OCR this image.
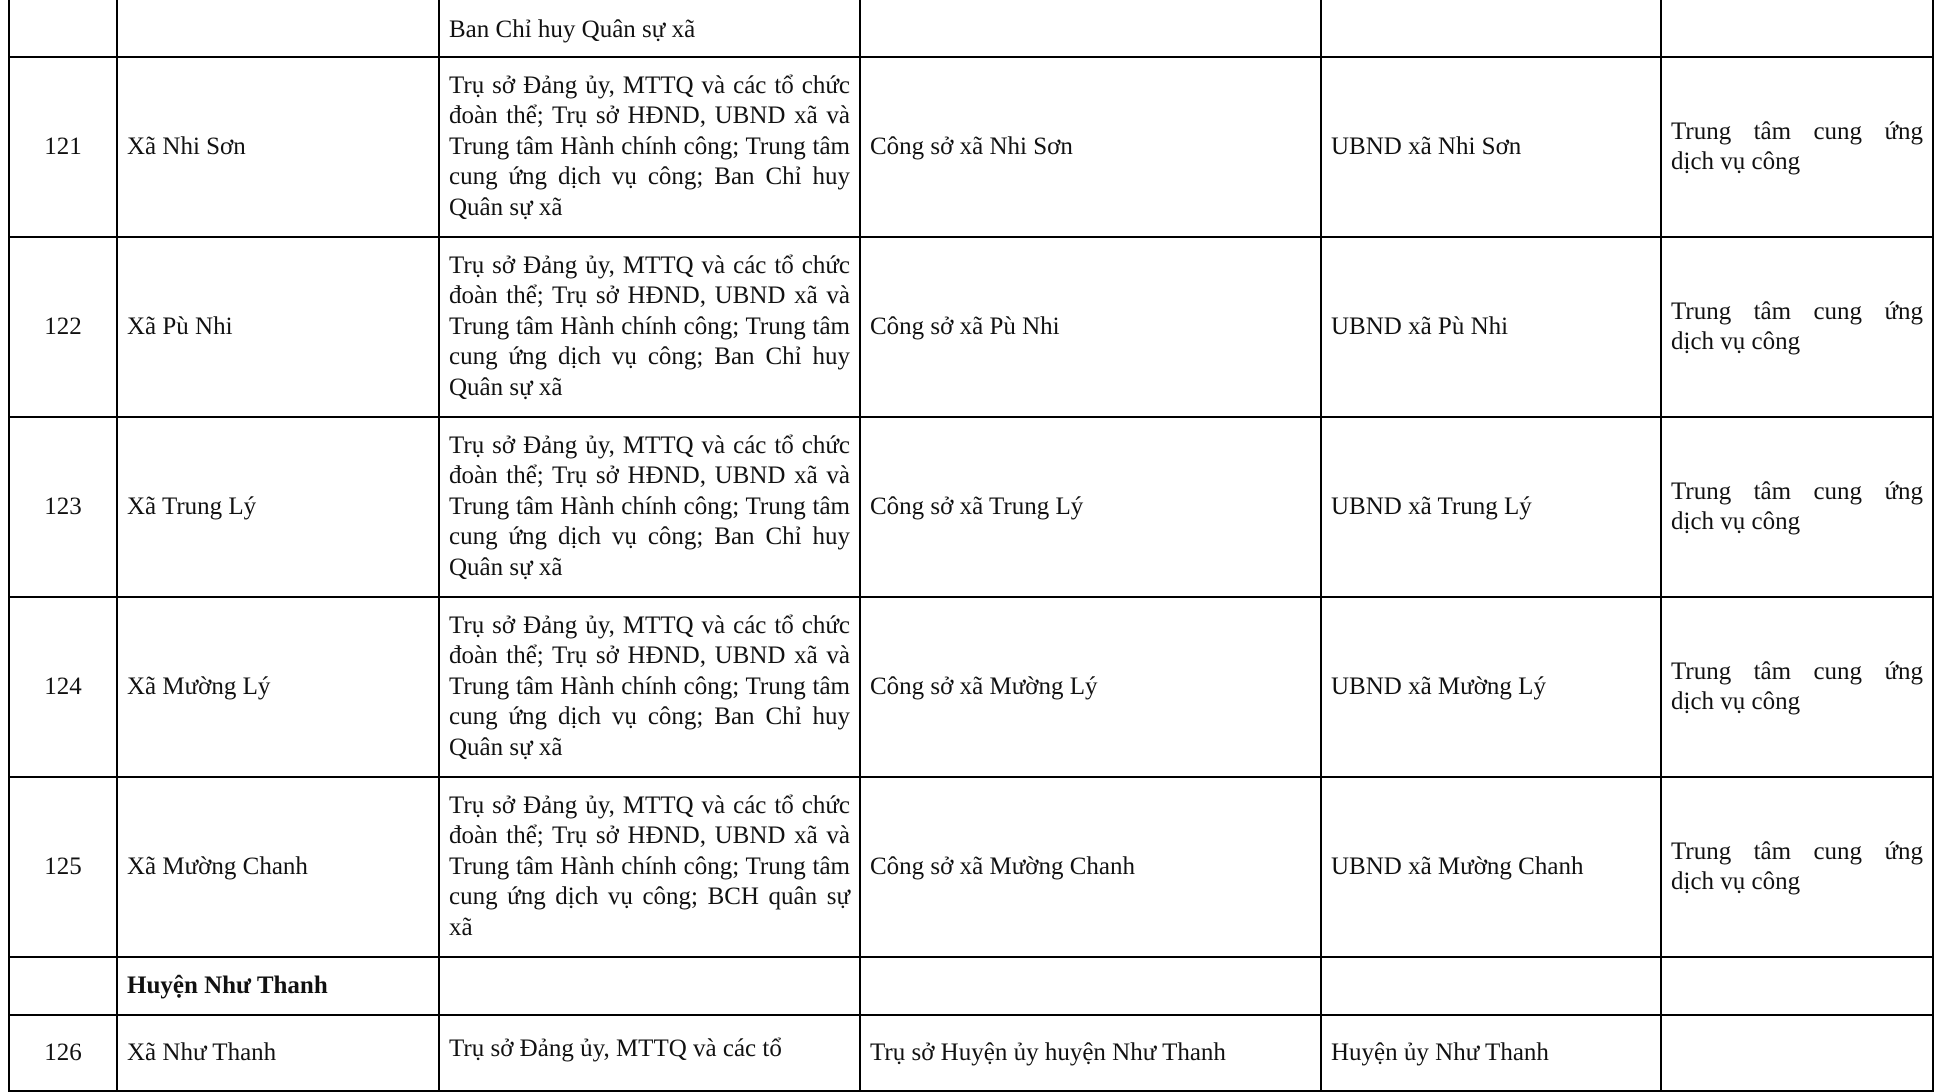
		Ban Chỉ huy Quân sự xã			
121	Xã Nhi Sơn	Trụ sở Đảng ủy, MTTQ và các tổ chức đoàn thể; Trụ sở HĐND, UBND xã và Trung tâm Hành chính công; Trung tâm cung ứng dịch vụ công; Ban Chỉ huy Quân sự xã	Công sở xã Nhi Sơn	UBND xã Nhi Sơn	Trung tâm cung ứng dịch vụ công
122	Xã Pù Nhi	Trụ sở Đảng ủy, MTTQ và các tổ chức đoàn thể; Trụ sở HĐND, UBND xã và Trung tâm Hành chính công; Trung tâm cung ứng dịch vụ công; Ban Chỉ huy Quân sự xã	Công sở xã Pù Nhi	UBND xã Pù Nhi	Trung tâm cung ứng dịch vụ công
123	Xã Trung Lý	Trụ sở Đảng ủy, MTTQ và các tổ chức đoàn thể; Trụ sở HĐND, UBND xã và Trung tâm Hành chính công; Trung tâm cung ứng dịch vụ công; Ban Chỉ huy Quân sự xã	Công sở xã Trung Lý	UBND xã Trung Lý	Trung tâm cung ứng dịch vụ công
124	Xã Mường Lý	Trụ sở Đảng ủy, MTTQ và các tổ chức đoàn thể; Trụ sở HĐND, UBND xã và Trung tâm Hành chính công; Trung tâm cung ứng dịch vụ công; Ban Chỉ huy Quân sự xã	Công sở xã Mường Lý	UBND xã Mường Lý	Trung tâm cung ứng dịch vụ công
125	Xã Mường Chanh	Trụ sở Đảng ủy, MTTQ và các tổ chức đoàn thể; Trụ sở HĐND, UBND xã và Trung tâm Hành chính công; Trung tâm cung ứng dịch vụ công; BCH quân sự xã	Công sở xã Mường Chanh	UBND xã Mường Chanh	Trung tâm cung ứng dịch vụ công
	Huyện Như Thanh				
126	Xã Như Thanh	Trụ sở Đảng ủy, MTTQ và các tổ	Trụ sở Huyện ủy huyện Như Thanh	Huyện ủy Như Thanh	
